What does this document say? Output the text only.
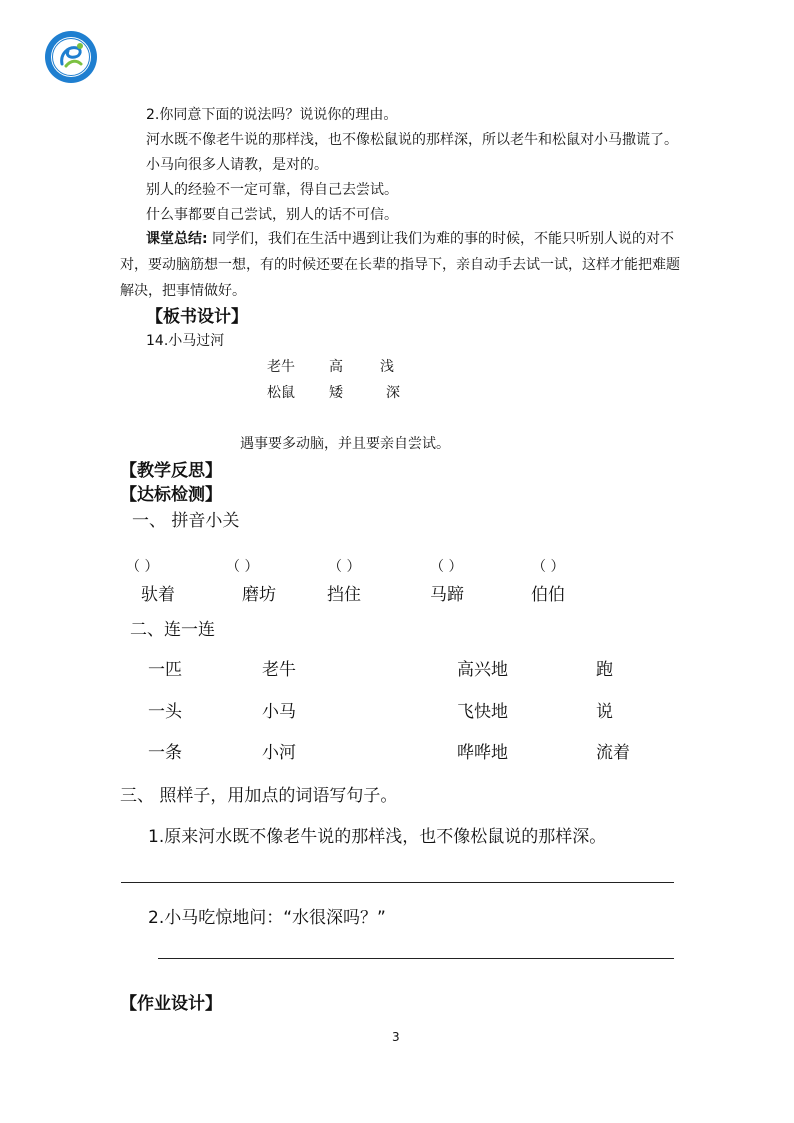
2.你同意下面的说法吗？说说你的理由。
河水既不像老牛说的那样浅，也不像松鼠说的那样深，所以老牛和松鼠对小马撒谎了。
小马向很多人请教，是对的。
别人的经验不一定可靠，得自己去尝试。
什么事都要自己尝试，别人的话不可信。
课堂总结: 同学们，我们在生活中遇到让我们为难的事的时候，不能只听别人说的对不对，要动脑筋想一想，有的时候还要在长辈的指导下，亲自动手去试一试，这样才能把难题解决，把事情做好。
【板书设计】
14.小马过河
老牛 高	浅
松鼠 矮	深
遇事要多动脑，并且要亲自尝试。
【教学反思】
【达标检测】
一、 拼音小关
（ ）	（ ）	（ ）	（ ）	（ ）
驮着	磨坊	挡住	马蹄	伯伯
二、连一连
一匹	老牛	高兴地	跑
一头	小马	飞快地	说
一条	小河	哗哗地	流着
三、 照样子，用加点的词语写句子。
1.原来河水既不像老牛说的那样浅，也不像松鼠说的那样深。
2.小马吃惊地问：“水很深吗？”
【作业设计】
3
